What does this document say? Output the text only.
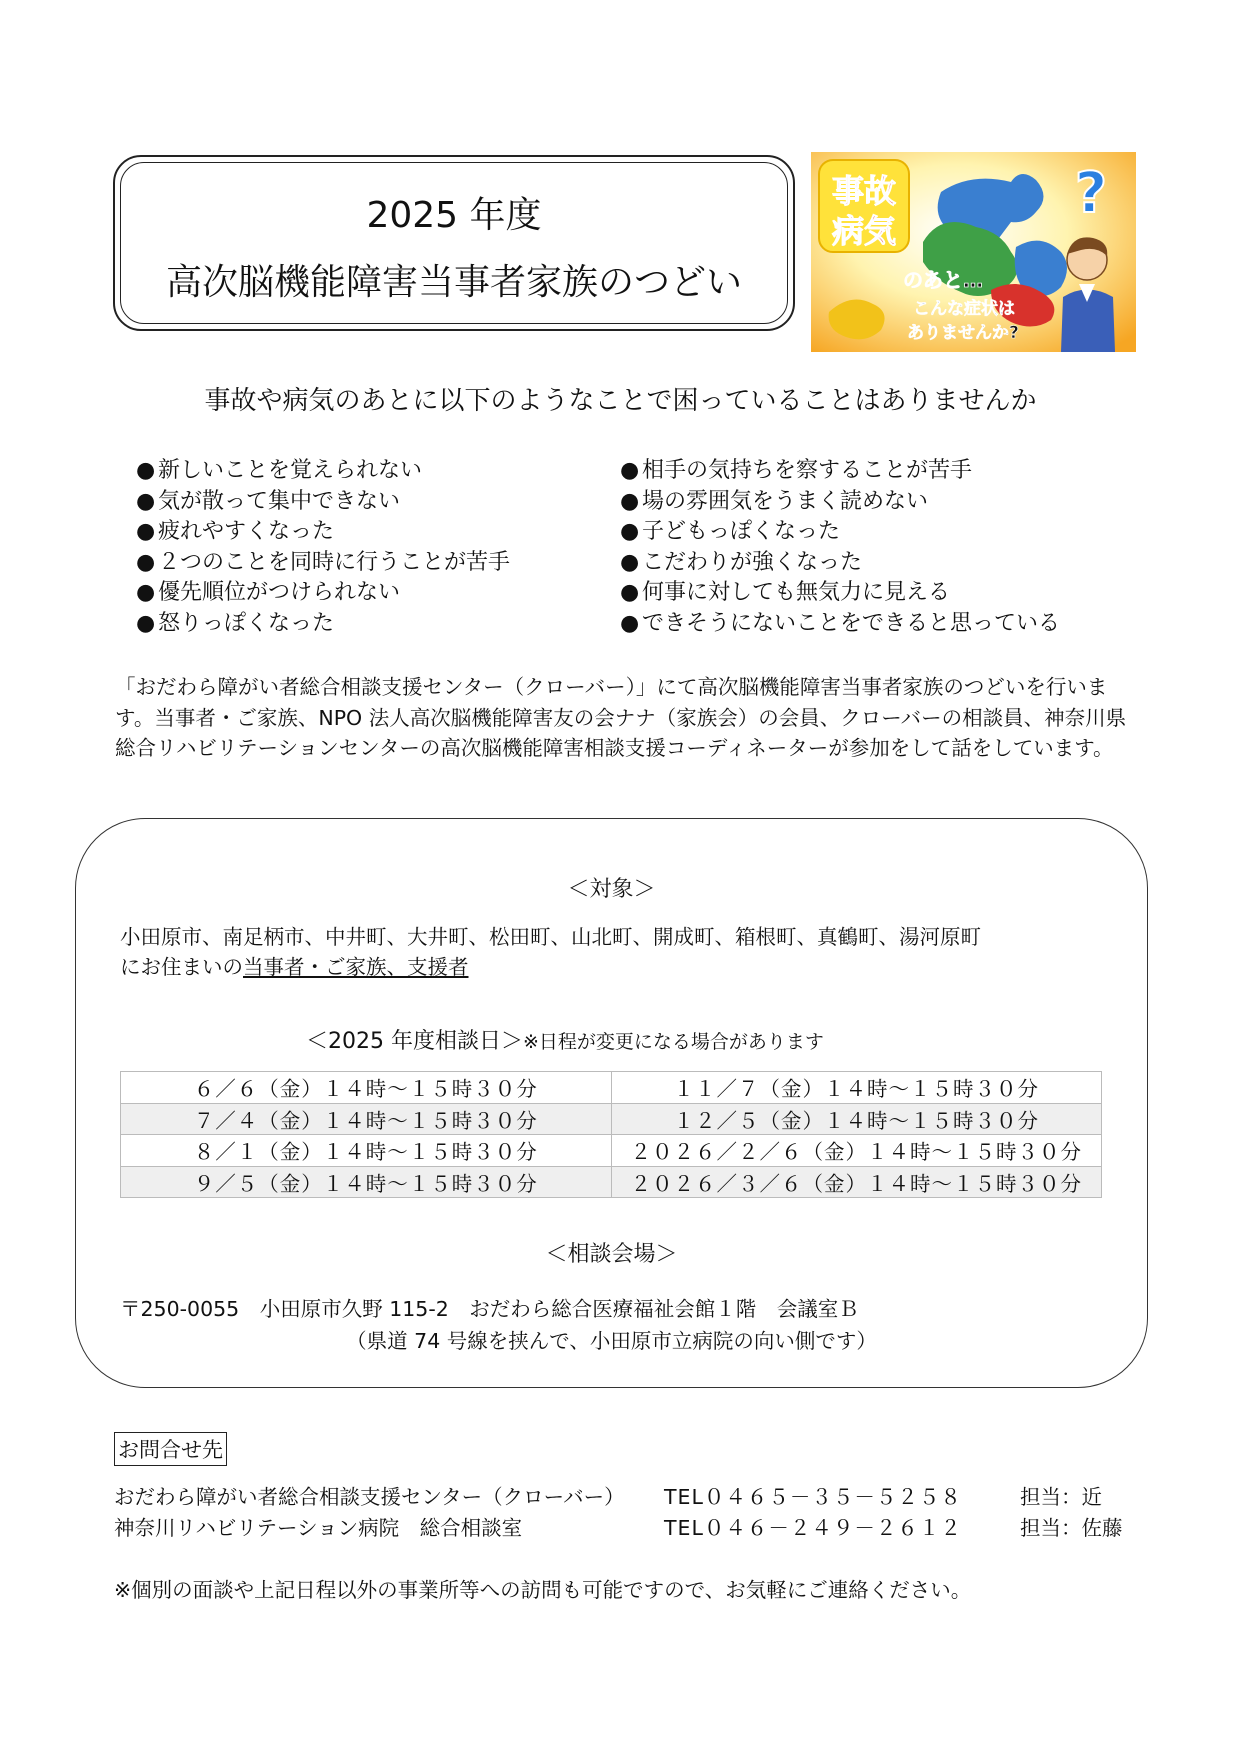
2025 年度
高次脳機能障害当事者家族のつどい
事故
病気
?
のあと…
こんな症状は
ありませんか?
事故や病気のあとに以下のようなことで困っていることはありませんか
● 新しいことを覚えられない
● 気が散って集中できない
● 疲れやすくなった
● ２つのことを同時に行うことが苦手
● 優先順位がつけられない
● 怒りっぽくなった
● 相手の気持ちを察することが苦手
● 場の雰囲気をうまく読めない
● 子どもっぽくなった
● こだわりが強くなった
● 何事に対しても無気力に見える
● できそうにないことをできると思っている
「おだわら障がい者総合相談支援センター（クローバー）」にて高次脳機能障害当事者家族のつどいを行います。当事者・ご家族、NPO 法人高次脳機能障害友の会ナナ（家族会）の会員、クローバーの相談員、神奈川県総合リハビリテーションセンターの高次脳機能障害相談支援コーディネーターが参加をして話をしています。
＜対象＞
小田原市、南足柄市、中井町、大井町、松田町、山北町、開成町、箱根町、真鶴町、湯河原町
にお住まいの当事者・ご家族、支援者
＜2025 年度相談日＞※日程が変更になる場合があります
６／６（金）１４時～１５時３０分	１１／７（金）１４時～１５時３０分
７／４（金）１４時～１５時３０分	１２／５（金）１４時～１５時３０分
８／１（金）１４時～１５時３０分	２０２６／２／６（金）１４時～１５時３０分
９／５（金）１４時～１５時３０分	２０２６／３／６（金）１４時～１５時３０分
＜相談会場＞
〒250-0055　小田原市久野 115-2　おだわら総合医療福祉会館１階　会議室Ｂ
（県道 74 号線を挟んで、小田原市立病院の向い側です）
お問合せ先
おだわら障がい者総合相談支援センター（クローバー） TEL０４６５－３５－５２５８	担当：近
神奈川リハビリテーション病院　総合相談室	TEL０４６－２４９－２６１２	担当：佐藤
※個別の面談や上記日程以外の事業所等への訪問も可能ですので、お気軽にご連絡ください。
